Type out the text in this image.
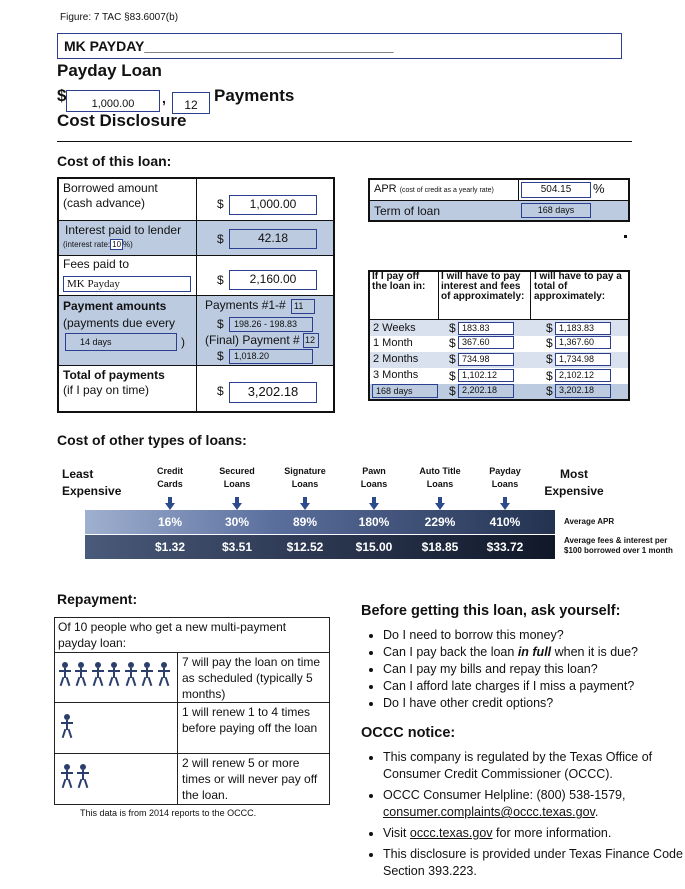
Figure: 7 TAC §83.6007(b)
MK PAYDAY________________________________
Payday Loan
$	1,000.00	,	12 Payments
Cost Disclosure
Cost of this loan:
Borrowed amount
(cash advance)	$	1,000.00
Interest paid to lender
(interest rate: 10 %)	$	42.18
Fees paid to
MK Payday	$	2,160.00
Payment amounts
(payments due every
14 days	)
Payments #1-# 11
$	198.26 - 198.83
(Final) Payment # 12
$	1,018.20
Total of payments
(if I pay on time)	$	3,202.18
APR (cost of credit as a yearly rate)	504.15	%
Term of loan	168 days
If I pay off the loan in:
I will have to pay interest and fees of approximately:
I will have to pay a total of approximately:
2 Weeks	$ 183.83	$ 1,183.83
1 Month	$ 367.60	$ 1,367.60
2 Months	$ 734.98	$ 1,734.98
3 Months	$ 1,102.12	$ 2,102.12
168 days	$ 2,202.18	$ 3,202.18
Cost of other types of loans:
Least Expensive
Most Expensive
Credit Cards
Secured Loans
Signature Loans
Pawn Loans
Auto Title Loans
Payday Loans
16%	30%	89%	180%	229%	410%
$1.32	$3.51	$12.52	$15.00 $18.85 $33.72
Average APR
Average fees & interest per $100 borrowed over 1 month
Repayment:
Of 10 people who get a new multi-payment payday loan:

7 will pay the loan on time as scheduled (typically 5 months)
1 will renew 1 to 4 times before paying off the loan

2 will renew 5 or more times or will never pay off the loan.
This data is from 2014 reports to the OCCC.
Before getting this loan, ask yourself:
• Do I need to borrow this money?
• Can I pay back the loan in full when it is due?
• Can I pay my bills and repay this loan?
• Can I afford late charges if I miss a payment?
• Do I have other credit options?
OCCC notice:
• This company is regulated by the Texas Office of Consumer Credit Commissioner (OCCC).
• OCCC Consumer Helpline: (800) 538-1579,
consumer.complaints@occc.texas.gov.
• Visit occc.texas.gov for more information.
• This disclosure is provided under Texas Finance Code Section 393.223.
